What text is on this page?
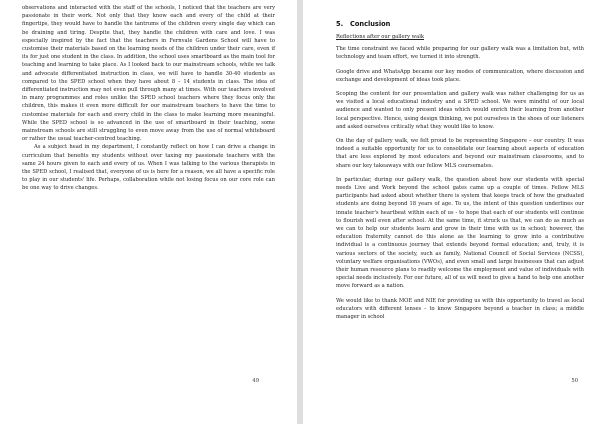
observations and interacted with the staff of the schools, I noticed that the teachers are very passionate in their work. Not only that they know each and every of the child at their fingertips, they would have to handle the tantrums of the children every single day which can be draining and tiring. Despite that, they handle the children with care and love. I was especially inspired by the fact that the teachers in Fernvale Gardens School will have to customise their materials based on the learning needs of the children under their care, even if its for just one student in the class. In addition, the school uses smartboard as the main tool for teaching and learning to take place. As I looked back to our mainstream schools, while we talk and advocate differentiated instruction in class, we will have to handle 30-40 students as compared to the SPED school when they have about 8 – 14 students in class. The idea of differentiated instruction may not even pull through many at times. With our teachers involved in many programmes and roles unlike the SPED school teachers where they focus only the children, this makes it even more difficult for our mainstream teachers to have the time to customise materials for each and every child in the class to make learning more meaningful. While the SPED school is so advanced in the use of smartboard in their teaching, some mainstream schools are still struggling to even move away from the use of normal whiteboard or rather the usual teacher-centred teaching.

As a subject head in my department, I constantly reflect on how I can drive a change in curriculum that benefits my students without over taxing my passionate teachers with the same 24 hours given to each and every of us. When I was talking to the various therapists in the SPED school, I realised that, everyone of us is here for a reason, we all have a specific role to play in our students' life. Perhaps, collaboration while not losing focus on our core role can be one way to drive changes.

49
5. Conclusion

Reflections after our gallery walk

The time constraint we faced while preparing for our gallery walk was a limitation but, with technology and team effort, we turned it into strength.

Google drive and WhatsApp became our key modes of communication, where discussion and exchange and development of ideas took place.

Scoping the content for our presentation and gallery walk was rather challenging for us as we visited a local educational industry and a SPED school. We were mindful of our local audience and wanted to only present ideas which would enrich their learning from another local perspective. Hence, using design thinking, we put ourselves in the shoes of our listeners and asked ourselves critically what they would like to know.

On the day of gallery walk, we felt proud to be representing Singapore – our country. It was indeed a suitable opportunity for us to consolidate our learning about aspects of education that are less explored by most educators and beyond our mainstream classrooms, and to share our key takeaways with our fellow MLS coursemates.

In particular, during our gallery walk, the question about how our students with special needs Live and Work beyond the school gates came up a couple of times. Fellow MLS participants had asked about whether there is system that keeps track of how the graduated students are doing beyond 18 years of age. To us, the intent of this question underlines our innate teacher's heartbeat within each of us - to hope that each of our students will continue to flourish well even after school. At the same time, it struck us that, we can do as much as we can to help our students learn and grow in their time with us in school; however, the education fraternity cannot do this alone as the learning to grow into a contributive individual is a continuous journey that extends beyond formal education; and, truly, it is various sectors of the society, such as family, National Council of Social Services (NCSS), voluntary welfare organisations (VWOs), and even small and large businesses that can adjust their human resource plans to readily welcome the employment and value of individuals with special needs inclusively. For our future, all of us will need to give a hand to help one another move forward as a nation.

We would like to thank MOE and NIE for providing us with this opportunity to travel as local educators with different lenses – to know Singapore beyond a teacher in class; a middle manager in school

50
